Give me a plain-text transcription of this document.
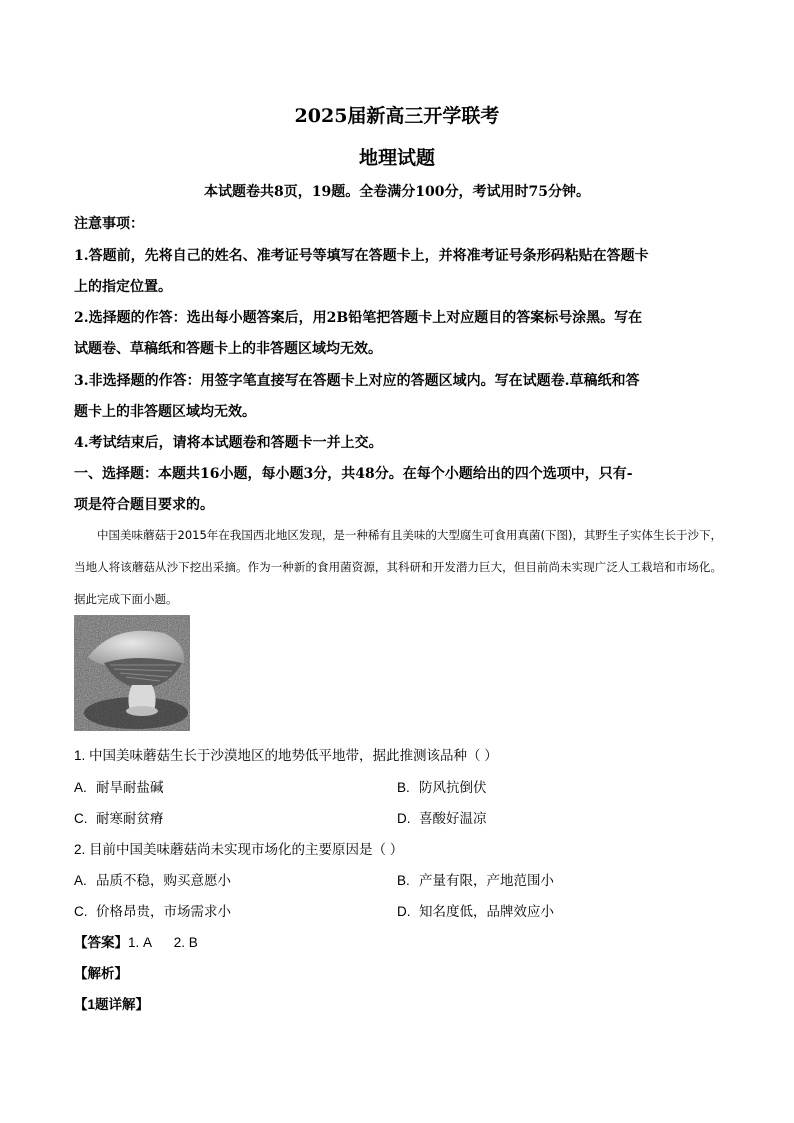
2025届新高三开学联考
地理试题
本试题卷共8页，19题。全卷满分100分，考试用时75分钟。
注意事项：
1.答题前，先将自己的姓名、准考证号等填写在答题卡上，并将准考证号条形码粘贴在答题卡
上的指定位置。
2.选择题的作答：选出每小题答案后，用2B铅笔把答题卡上对应题目的答案标号涂黑。写在
试题卷、草稿纸和答题卡上的非答题区域均无效。
3.非选择题的作答：用签字笔直接写在答题卡上对应的答题区域内。写在试题卷.草稿纸和答
题卡上的非答题区域均无效。
4.考试结束后，请将本试题卷和答题卡一并上交。
一、选择题：本题共16小题，每小题3分，共48分。在每个小题给出的四个选项中，只有-
项是符合题目要求的。
中国美味蘑菇于2015年在我国西北地区发现，是一种稀有且美味的大型腐生可食用真菌(下图)，其野生子实体生长于沙下，当地人将该蘑菇从沙下挖出采摘。作为一种新的食用菌资源，其科研和开发潜力巨大，但目前尚未实现广泛人工栽培和市场化。据此完成下面小题。
1. 中国美味蘑菇生长于沙漠地区的地势低平地带，据此推测该品种（ ）
A. 耐旱耐盐碱	B. 防风抗倒伏
C. 耐寒耐贫瘠	D. 喜酸好温凉
2. 目前中国美味蘑菇尚未实现市场化的主要原因是（ ）
A. 品质不稳，购买意愿小	B. 产量有限，产地范围小
C. 价格昂贵，市场需求小	D. 知名度低，品牌效应小
【答案】1. A      2. B
【解析】
【1题详解】
